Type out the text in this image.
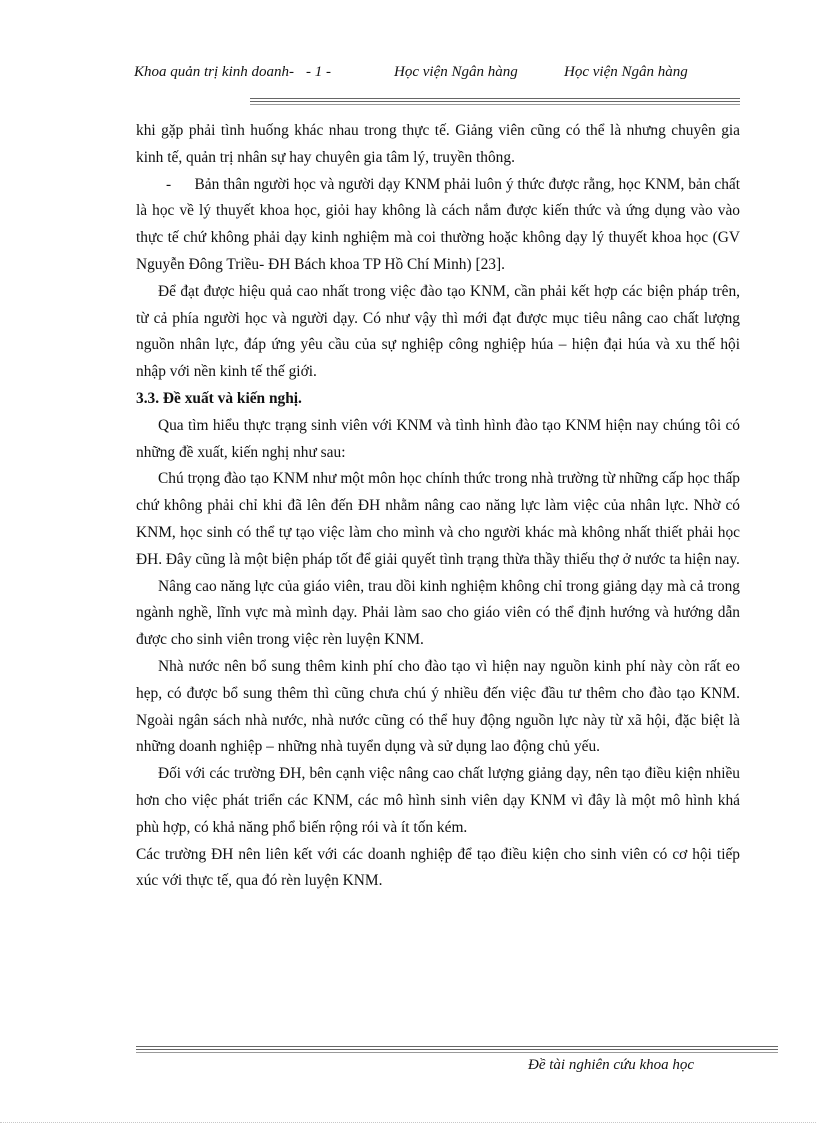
Khoa quản trị kinh doanh- - 1 -	Học viện Ngân hàng	Học viện Ngân hàng

khi gặp phải tình huống khác nhau trong thực tế. Giảng viên cũng có thể là nhưng chuyên gia kinh tế, quản trị nhân sự hay chuyên gia tâm lý, truyền thông.

- Bản thân người học và người dạy KNM phải luôn ý thức được rằng, học KNM, bản chất là học về lý thuyết khoa học, giỏi hay không là cách nắm được kiến thức và ứng dụng vào vào thực tế chứ không phải dạy kinh nghiệm mà coi thường hoặc không dạy lý thuyết khoa học (GV Nguyễn Đông Triều- ĐH Bách khoa TP Hồ Chí Minh) [23].

Để đạt được hiệu quả cao nhất trong việc đào tạo KNM, cần phải kết hợp các biện pháp trên, từ cả phía người học và người dạy. Có như vậy thì mới đạt được mục tiêu nâng cao chất lượng nguồn nhân lực, đáp ứng yêu cầu của sự nghiệp công nghiệp húa – hiện đại húa và xu thế hội nhập với nền kinh tế thế giới.

3.3. Đề xuất và kiến nghị.

Qua tìm hiểu thực trạng sinh viên với KNM và tình hình đào tạo KNM hiện nay chúng tôi có những đề xuất, kiến nghị như sau:

Chú trọng đào tạo KNM như một môn học chính thức trong nhà trường từ những cấp học thấp chứ không phải chỉ khi đã lên đến ĐH nhằm nâng cao năng lực làm việc của nhân lực. Nhờ có KNM, học sinh có thể tự tạo việc làm cho mình và cho người khác mà không nhất thiết phải học ĐH. Đây cũng là một biện pháp tốt để giải quyết tình trạng thừa thầy thiếu thợ ở nước ta hiện nay.

Nâng cao năng lực của giáo viên, trau dồi kinh nghiệm không chỉ trong giảng dạy mà cả trong ngành nghề, lĩnh vực mà mình dạy. Phải làm sao cho giáo viên có thể định hướng và hướng dẫn được cho sinh viên trong việc rèn luyện KNM.

Nhà nước nên bổ sung thêm kinh phí cho đào tạo vì hiện nay nguồn kinh phí này còn rất eo hẹp, có được bổ sung thêm thì cũng chưa chú ý nhiều đến việc đầu tư thêm cho đào tạo KNM. Ngoài ngân sách nhà nước, nhà nước cũng có thể huy động nguồn lực này từ xã hội, đặc biệt là những doanh nghiệp – những nhà tuyển dụng và sử dụng lao động chủ yếu.

Đối với các trường ĐH, bên cạnh việc nâng cao chất lượng giảng dạy, nên tạo điều kiện nhiều hơn cho việc phát triển các KNM, các mô hình sinh viên dạy KNM vì đây là một mô hình khá phù hợp, có khả năng phổ biến rộng rói và ít tốn kém.

Các trường ĐH nên liên kết với các doanh nghiệp để tạo điều kiện cho sinh viên có cơ hội tiếp xúc với thực tế, qua đó rèn luyện KNM.

Đề tài nghiên cứu khoa học
